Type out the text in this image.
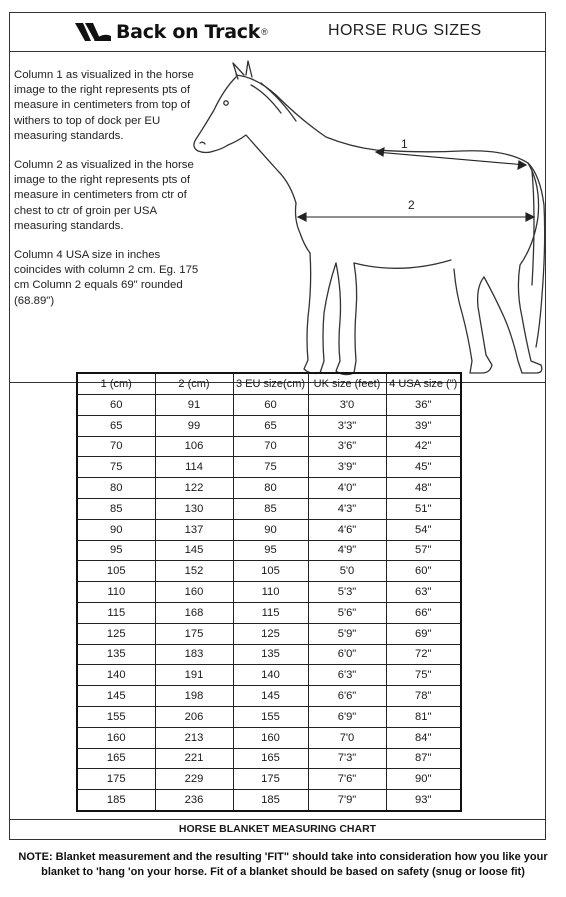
Back on Track ®	HORSE RUG SIZES

Column 1 as visualized in the horse image to the right represents pts of measure in centimeters from top of withers to top of dock per EU measuring standards.

Column 2 as visualized in the horse image to the right represents pts of measure in centimeters from ctr of chest to ctr of groin per USA measuring standards.

Column 4 USA size in inches coincides with column 2 cm. Eg. 175 cm Column 2 equals 69" rounded (68.89")

1
2
HORSE BLANKET MEASURING CHART
1 (cm)	2 (cm)	3 EU size(cm)	UK size (feet)	4 USA size (")
60	91	60	3'0	36"
65	99	65	3'3"	39"
70	106	70	3'6"	42"
75	114	75	3'9"	45"
80	122	80	4'0"	48"
85	130	85	4'3"	51"
90	137	90	4'6"	54"
95	145	95	4'9"	57"
105	152	105	5'0	60"
110	160	110	5'3"	63"
115	168	115	5'6"	66"
125	175	125	5'9"	69"
135	183	135	6'0"	72"
140	191	140	6'3"	75"
145	198	145	6'6"	78"
155	206	155	6'9"	81"
160	213	160	7'0	84"
165	221	165	7'3"	87"
175	229	175	7'6"	90"
185	236	185	7'9"	93"
NOTE: Blanket measurement and the resulting 'FIT" should take into consideration how you like your blanket to 'hang 'on your horse. Fit of a blanket should be based on safety (snug or loose fit)
